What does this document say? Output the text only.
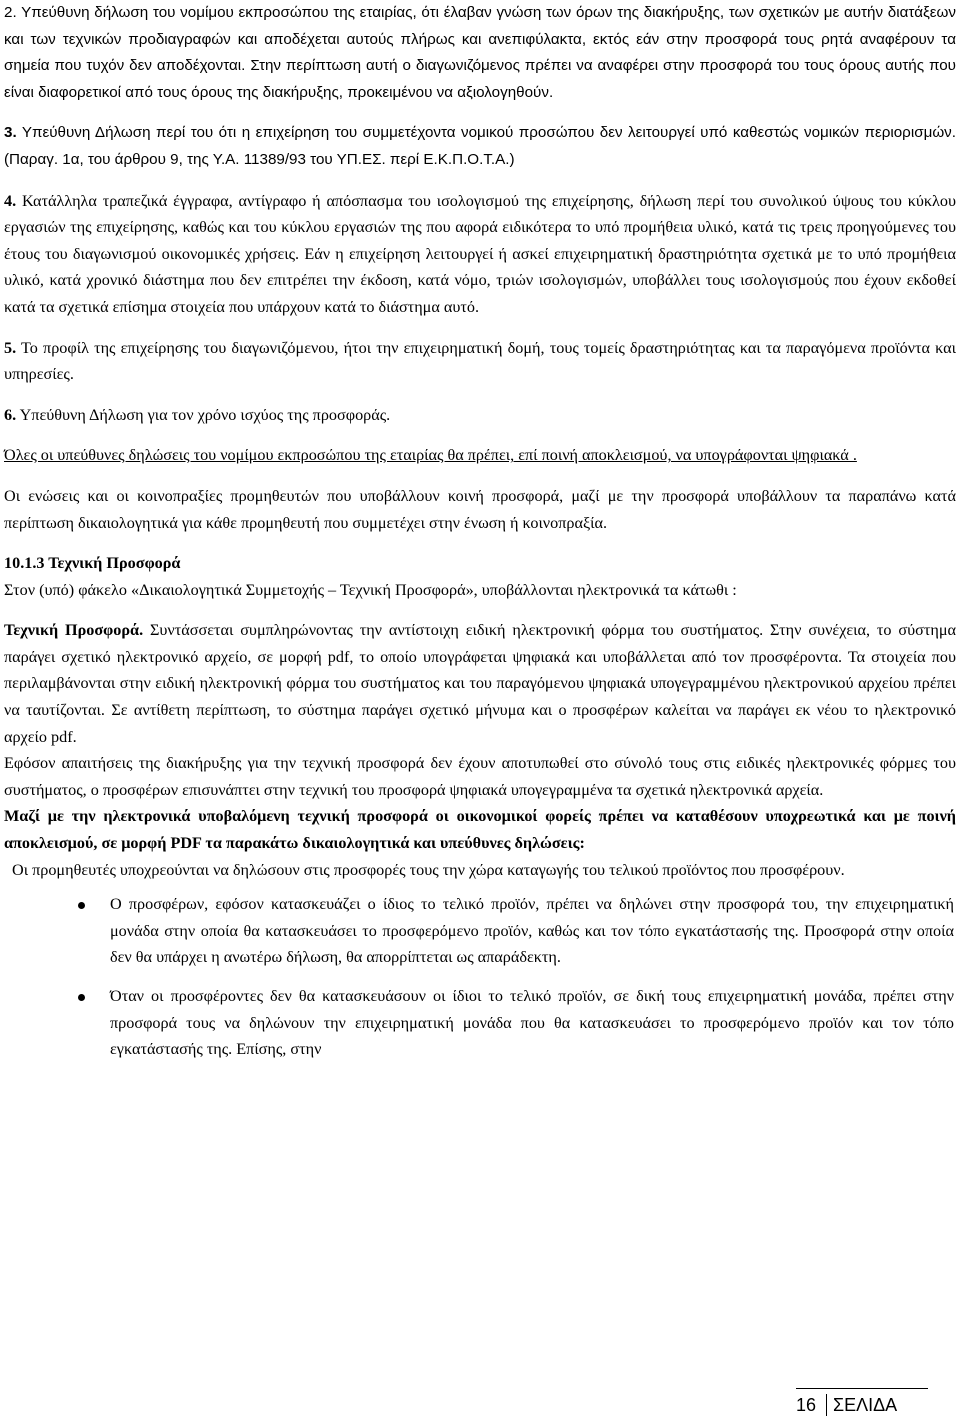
2. Υπεύθυνη δήλωση του νομίμου εκπροσώπου της εταιρίας, ότι έλαβαν γνώση των όρων της διακήρυξης, των σχετικών με αυτήν διατάξεων και των τεχνικών προδιαγραφών και αποδέχεται αυτούς πλήρως και ανεπιφύλακτα, εκτός εάν στην προσφορά τους ρητά αναφέρουν τα σημεία που τυχόν δεν αποδέχονται. Στην περίπτωση αυτή ο διαγωνιζόμενος πρέπει να αναφέρει στην προσφορά του τους όρους αυτής που είναι διαφορετικοί από τους όρους της διακήρυξης, προκειμένου να αξιολογηθούν.

3. Υπεύθυνη Δήλωση περί του ότι η επιχείρηση του συμμετέχοντα νομικού προσώπου δεν λειτουργεί υπό καθεστώς νομικών περιορισμών. (Παραγ. 1α, του άρθρου 9, της Υ.Α. 11389/93 του ΥΠ.ΕΣ. περί Ε.Κ.Π.Ο.Τ.Α.)

4. Κατάλληλα τραπεζικά έγγραφα, αντίγραφο ή απόσπασμα του ισολογισμού της επιχείρησης, δήλωση περί του συνολικού ύψους του κύκλου εργασιών της επιχείρησης, καθώς και του κύκλου εργασιών της που αφορά ειδικότερα το υπό προμήθεια υλικό, κατά τις τρεις προηγούμενες του έτους του διαγωνισμού οικονομικές χρήσεις. Εάν η επιχείρηση λειτουργεί ή ασκεί επιχειρηματική δραστηριότητα σχετικά με το υπό προμήθεια υλικό, κατά χρονικό διάστημα που δεν επιτρέπει την έκδοση, κατά νόμο, τριών ισολογισμών, υποβάλλει τους ισολογισμούς που έχουν εκδοθεί κατά τα σχετικά επίσημα στοιχεία που υπάρχουν κατά το διάστημα αυτό.

5. Το προφίλ της επιχείρησης του διαγωνιζόμενου, ήτοι την επιχειρηματική δομή, τους τομείς δραστηριότητας και τα παραγόμενα προϊόντα και υπηρεσίες.

6. Υπεύθυνη Δήλωση για τον χρόνο ισχύος της προσφοράς.

Όλες οι υπεύθυνες δηλώσεις του νομίμου εκπροσώπου της εταιρίας θα πρέπει, επί ποινή αποκλεισμού, να υπογράφονται ψηφιακά .

Οι ενώσεις και οι κοινοπραξίες προμηθευτών που υποβάλλουν κοινή προσφορά, μαζί με την προσφορά υποβάλλουν τα παραπάνω κατά περίπτωση δικαιολογητικά για κάθε προμηθευτή που συμμετέχει στην ένωση ή κοινοπραξία.

10.1.3 Τεχνική Προσφορά

Στον (υπό) φάκελο «Δικαιολογητικά Συμμετοχής – Τεχνική Προσφορά», υποβάλλονται ηλεκτρονικά τα κάτωθι :

Τεχνική Προσφορά. Συντάσσεται συμπληρώνοντας την αντίστοιχη ειδική ηλεκτρονική φόρμα του συστήματος. Στην συνέχεια, το σύστημα παράγει σχετικό ηλεκτρονικό αρχείο, σε μορφή pdf, το οποίο υπογράφεται ψηφιακά και υποβάλλεται από τον προσφέροντα. Τα στοιχεία που περιλαμβάνονται στην ειδική ηλεκτρονική φόρμα του συστήματος και του παραγόμενου ψηφιακά υπογεγραμμένου ηλεκτρονικού αρχείου πρέπει να ταυτίζονται. Σε αντίθετη περίπτωση, το σύστημα παράγει σχετικό μήνυμα και ο προσφέρων καλείται να παράγει εκ νέου το ηλεκτρονικό αρχείο pdf.

Εφόσον απαιτήσεις της διακήρυξης για την τεχνική προσφορά δεν έχουν αποτυπωθεί στο σύνολό τους στις ειδικές ηλεκτρονικές φόρμες του συστήματος, ο προσφέρων επισυνάπτει στην τεχνική του προσφορά ψηφιακά υπογεγραμμένα τα σχετικά ηλεκτρονικά αρχεία.

Μαζί με την ηλεκτρονικά υποβαλόμενη τεχνική προσφορά οι οικονομικοί φορείς πρέπει να καταθέσουν υποχρεωτικά και με ποινή αποκλεισμού, σε μορφή PDF τα παρακάτω δικαιολογητικά και υπεύθυνες δηλώσεις:

Οι προμηθευτές υποχρεούνται να δηλώσουν στις προσφορές τους την χώρα καταγωγής του τελικού προϊόντος που προσφέρουν.

Ο προσφέρων, εφόσον κατασκευάζει ο ίδιος το τελικό προϊόν, πρέπει να δηλώνει στην προσφορά του, την επιχειρηματική μονάδα στην οποία θα κατασκευάσει το προσφερόμενο προϊόν, καθώς και τον τόπο εγκατάστασής της. Προσφορά στην οποία δεν θα υπάρχει η ανωτέρω δήλωση, θα απορρίπτεται ως απαράδεκτη.
Όταν οι προσφέροντες δεν θα κατασκευάσουν οι ίδιοι το τελικό προϊόν, σε δική τους επιχειρηματική μονάδα, πρέπει στην προσφορά τους να δηλώνουν την επιχειρηματική μονάδα που θα κατασκευάσει το προσφερόμενο προϊόν και τον τόπο εγκατάστασής της. Επίσης, στην
16 ΣΕΛΙΔΑ
